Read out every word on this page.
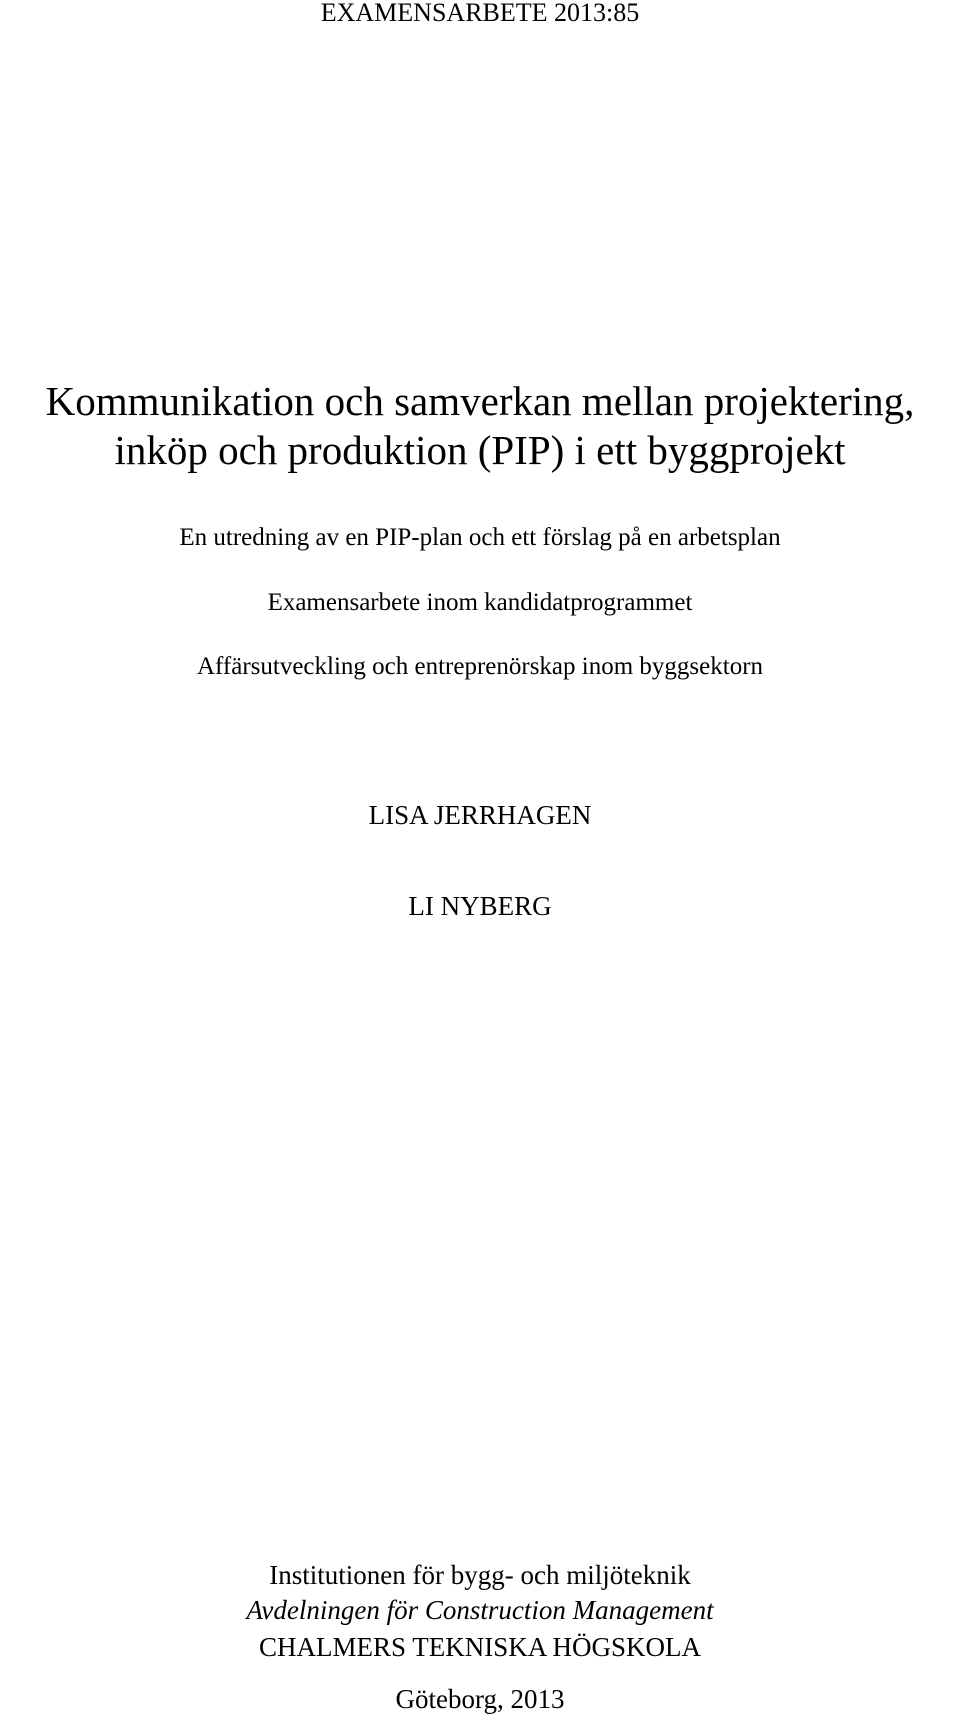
EXAMENSARBETE 2013:85
Kommunikation och samverkan mellan projektering,
inköp och produktion (PIP) i ett byggprojekt
En utredning av en PIP-plan och ett förslag på en arbetsplan
Examensarbete inom kandidatprogrammet
Affärsutveckling och entreprenörskap inom byggsektorn
LISA JERRHAGEN
LI NYBERG
Institutionen för bygg- och miljöteknik
Avdelningen för Construction Management
CHALMERS TEKNISKA HÖGSKOLA
Göteborg, 2013
